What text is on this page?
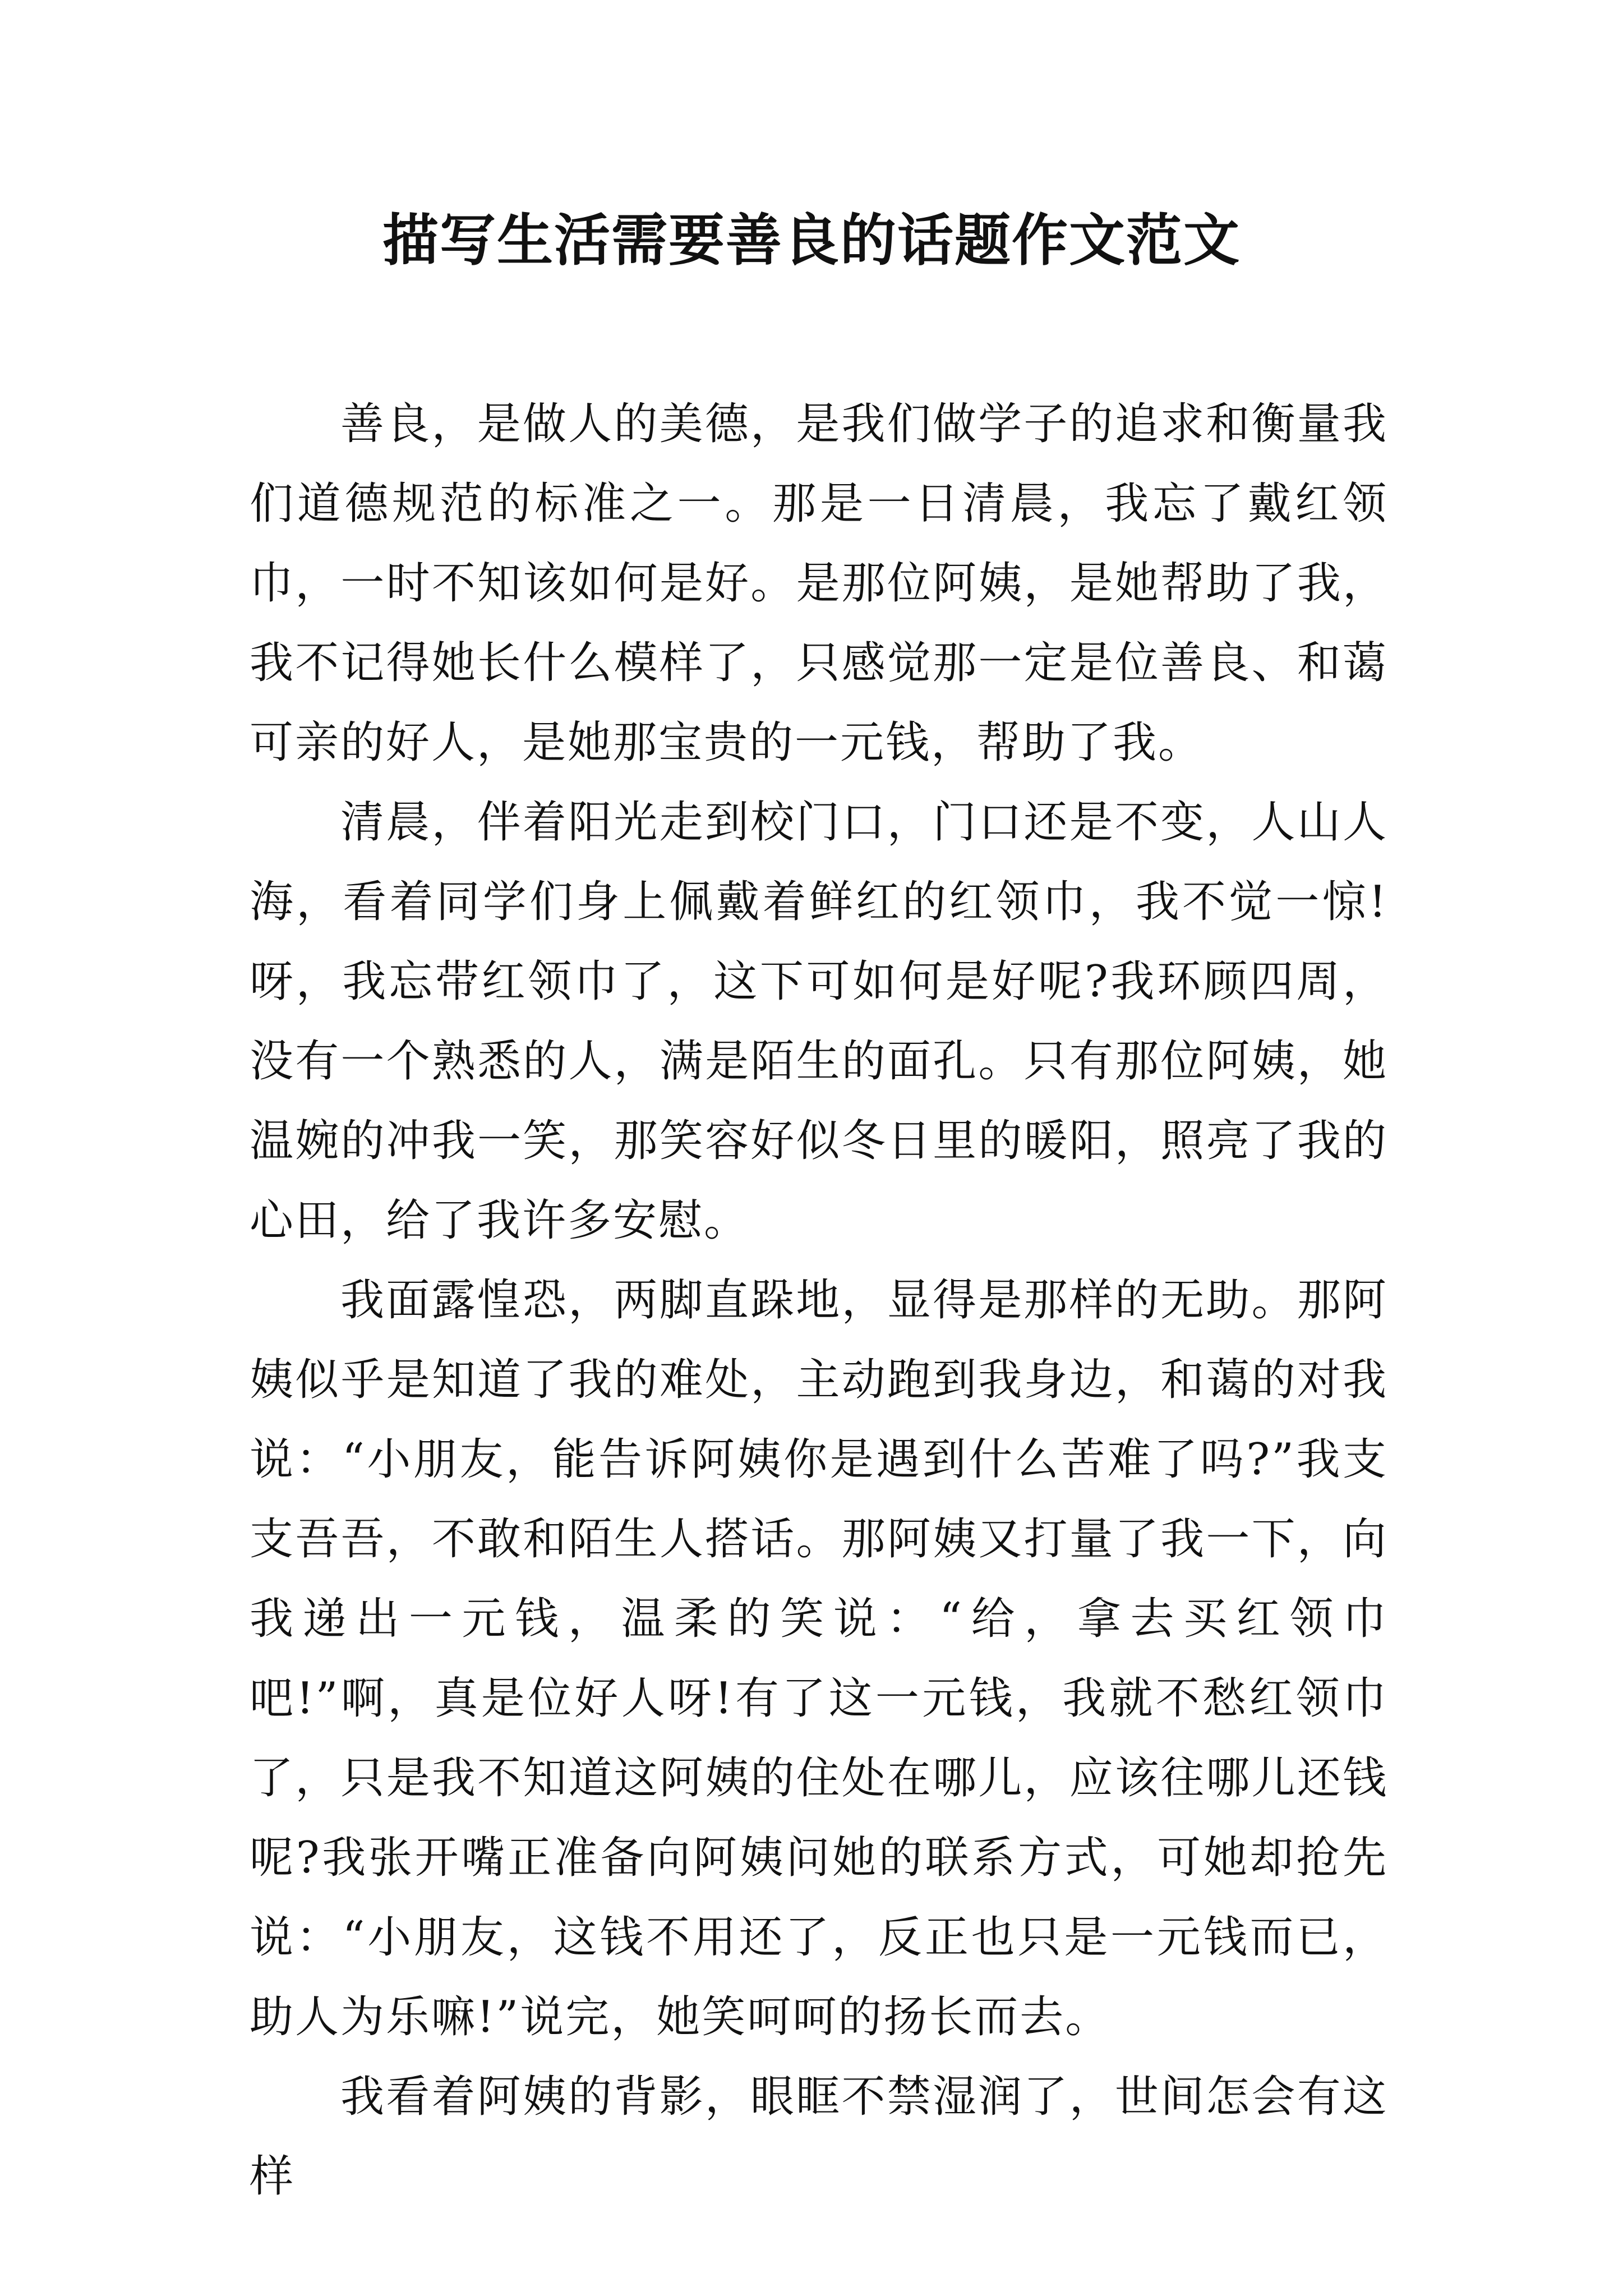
描写生活需要善良的话题作文范文

善良，是做人的美德，是我们做学子的追求和衡量我们道德规范的标准之一。那是一日清晨，我忘了戴红领巾，一时不知该如何是好。是那位阿姨，是她帮助了我，我不记得她长什么模样了，只感觉那一定是位善良、和蔼可亲的好人，是她那宝贵的一元钱，帮助了我。

清晨，伴着阳光走到校门口，门口还是不变，人山人海，看着同学们身上佩戴着鲜红的红领巾，我不觉一惊!呀，我忘带红领巾了，这下可如何是好呢?我环顾四周，没有一个熟悉的人，满是陌生的面孔。只有那位阿姨，她温婉的冲我一笑，那笑容好似冬日里的暖阳，照亮了我的心田，给了我许多安慰。

我面露惶恐，两脚直跺地，显得是那样的无助。那阿姨似乎是知道了我的难处，主动跑到我身边，和蔼的对我说：“小朋友，能告诉阿姨你是遇到什么苦难了吗?”我支支吾吾，不敢和陌生人搭话。那阿姨又打量了我一下，向我递出一元钱，温柔的笑说：“给，拿去买红领巾吧!”啊，真是位好人呀!有了这一元钱，我就不愁红领巾了，只是我不知道这阿姨的住处在哪儿，应该往哪儿还钱呢?我张开嘴正准备向阿姨问她的联系方式，可她却抢先说：“小朋友，这钱不用还了，反正也只是一元钱而已，助人为乐嘛!”说完，她笑呵呵的扬长而去。

我看着阿姨的背影，眼眶不禁湿润了，世间怎会有这样
